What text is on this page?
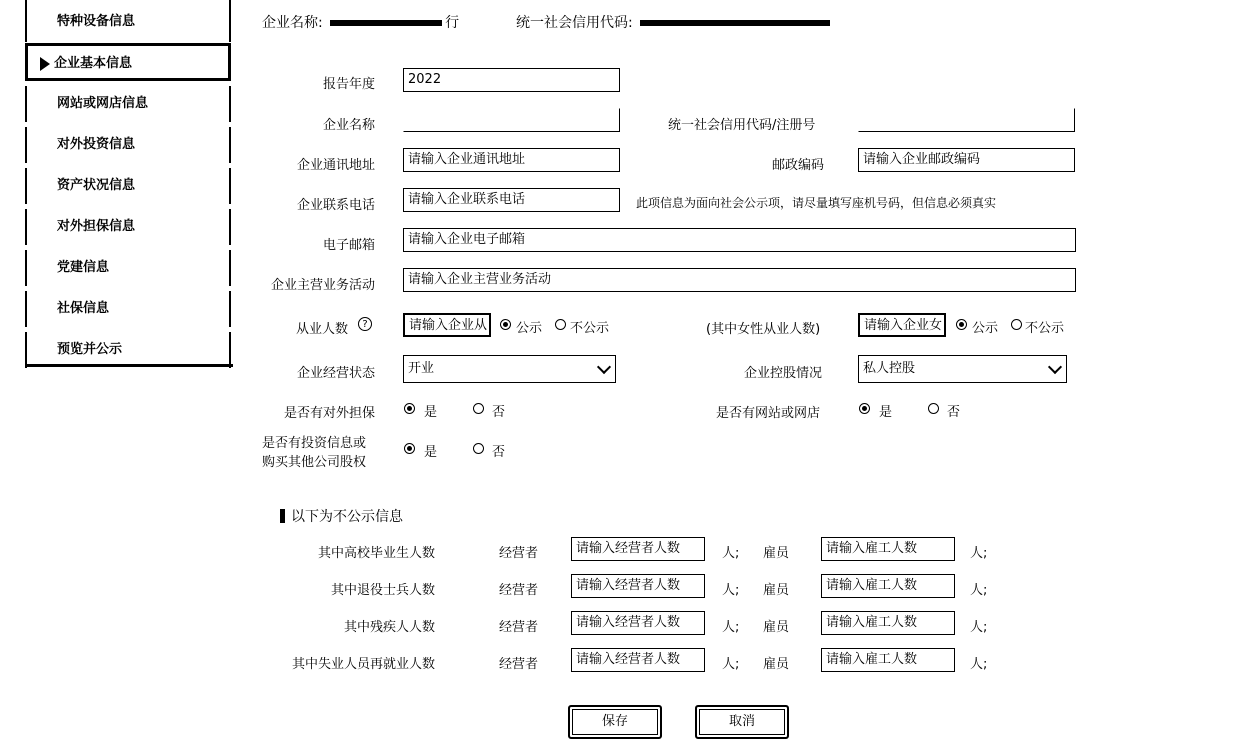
特种设备信息
企业基本信息
网站或网店信息
对外投资信息
资产状况信息
对外担保信息
党建信息
社保信息
预览并公示
企业名称:	行	统一社会信用代码:
报告年度	2022
企业名称	统一社会信用代码/注册号
企业通讯地址	请输入企业通讯地址	邮政编码	请输入企业邮政编码
企业联系电话	请输入企业联系电话	此项信息为面向社会公示项，请尽量填写座机号码，但信息必须真实
电子邮箱	请输入企业电子邮箱
企业主营业务活动	请输入企业主营业务活动
从业人数	?	请输入企业从	公示 不公示	(其中女性从业人数)	请输入企业女	公示 不公示
企业经营状态	开业	企业控股情况	私人控股
是否有对外担保	是	否	是否有网站或网店	是	否
是否有投资信息或
购买其他公司股权
是	否
以下为不公示信息
其中高校毕业生人数	经营者	请输入经营者人数	人; 雇员	请输入雇工人数	人;
其中退役士兵人数	经营者	请输入经营者人数	人; 雇员	请输入雇工人数	人;
其中残疾人人数	经营者	请输入经营者人数	人; 雇员	请输入雇工人数	人;
其中失业人员再就业人数	经营者	请输入经营者人数	人; 雇员	请输入雇工人数	人;
保存	取消
